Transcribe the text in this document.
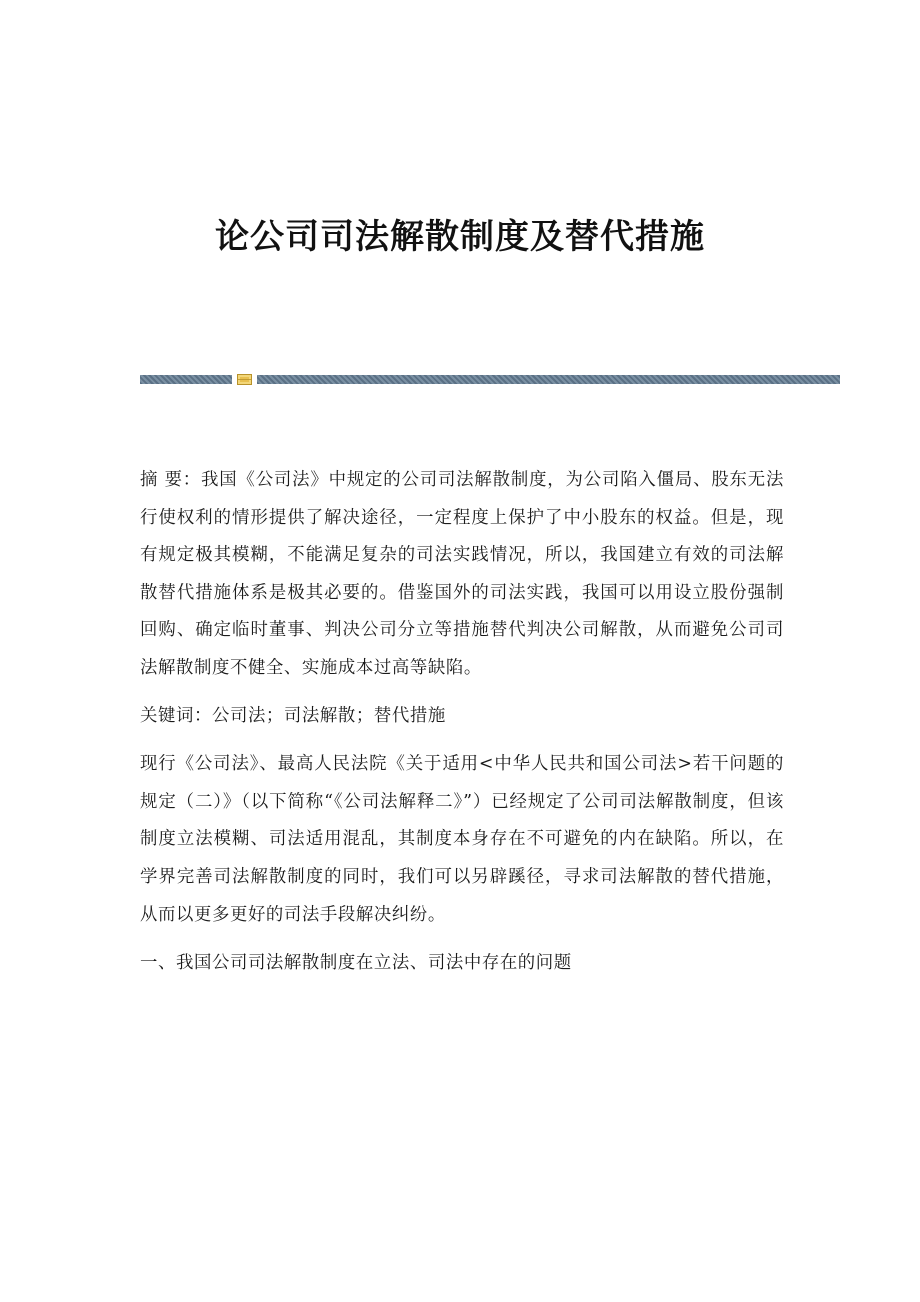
论公司司法解散制度及替代措施

摘 要：我国《公司法》中规定的公司司法解散制度，为公司陷入僵局、股东无法行使权利的情形提供了解决途径，一定程度上保护了中小股东的权益。但是，现有规定极其模糊，不能满足复杂的司法实践情况，所以，我国建立有效的司法解散替代措施体系是极其必要的。借鉴国外的司法实践，我国可以用设立股份强制回购、确定临时董事、判决公司分立等措施替代判决公司解散，从而避免公司司法解散制度不健全、实施成本过高等缺陷。

关键词：公司法；司法解散；替代措施

现行《公司法》、最高人民法院《关于适用<中华人民共和国公司法>若干问题的规定（二）》（以下简称“《公司法解释二》”）已经规定了公司司法解散制度，但该制度立法模糊、司法适用混乱，其制度本身存在不可避免的内在缺陷。所以，在学界完善司法解散制度的同时，我们可以另辟蹊径，寻求司法解散的替代措施，从而以更多更好的司法手段解决纠纷。

一、我国公司司法解散制度在立法、司法中存在的问题
